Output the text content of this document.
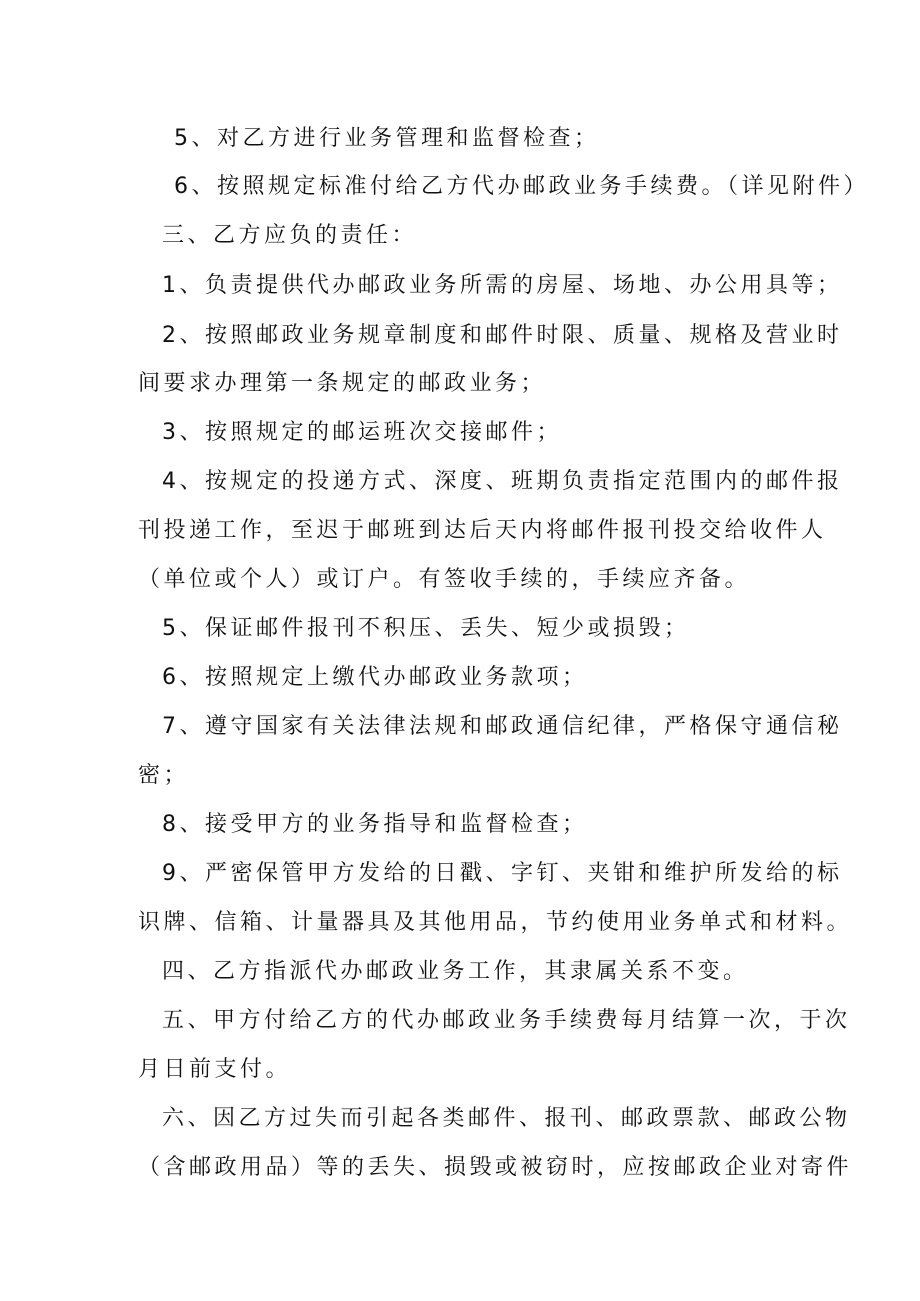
5、对乙方进行业务管理和监督检查；
6、按照规定标准付给乙方代办邮政业务手续费。（详见附件）
三、乙方应负的责任：
1、负责提供代办邮政业务所需的房屋、场地、办公用具等；
2、按照邮政业务规章制度和邮件时限、质量、规格及营业时
间要求办理第一条规定的邮政业务；
3、按照规定的邮运班次交接邮件；
4、按规定的投递方式、深度、班期负责指定范围内的邮件报
刊投递工作，至迟于邮班到达后天内将邮件报刊投交给收件人
（单位或个人）或订户。有签收手续的，手续应齐备。
5、保证邮件报刊不积压、丢失、短少或损毁；
6、按照规定上缴代办邮政业务款项；
7、遵守国家有关法律法规和邮政通信纪律，严格保守通信秘
密；
8、接受甲方的业务指导和监督检查；
9、严密保管甲方发给的日戳、字钉、夹钳和维护所发给的标
识牌、信箱、计量器具及其他用品，节约使用业务单式和材料。
四、乙方指派代办邮政业务工作，其隶属关系不变。
五、甲方付给乙方的代办邮政业务手续费每月结算一次，于次
月日前支付。
六、因乙方过失而引起各类邮件、报刊、邮政票款、邮政公物
（含邮政用品）等的丢失、损毁或被窃时，应按邮政企业对寄件
